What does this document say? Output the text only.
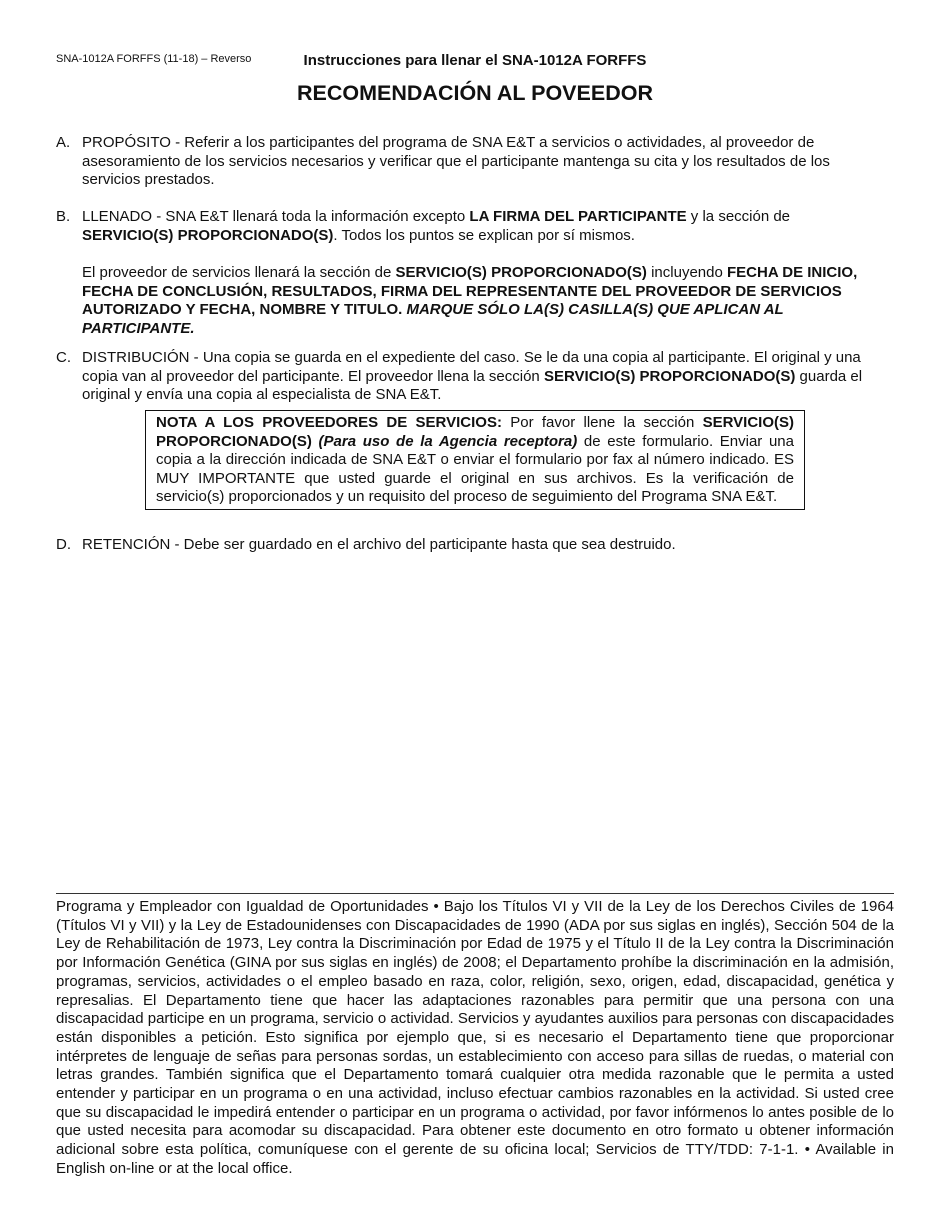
SNA-1012A FORFFS (11-18) – Reverso	Instrucciones para llenar el SNA-1012A FORFFS
RECOMENDACIÓN AL POVEEDOR
A. PROPÓSITO - Referir a los participantes del programa de SNA E&T a servicios o actividades, al proveedor de asesoramiento de los servicios necesarios y verificar que el participante mantenga su cita y los resultados de los servicios prestados.
B. LLENADO - SNA E&T llenará toda la información excepto LA FIRMA DEL PARTICIPANTE y la sección de SERVICIO(S) PROPORCIONADO(S). Todos los puntos se explican por sí mismos.
El proveedor de servicios llenará la sección de SERVICIO(S) PROPORCIONADO(S) incluyendo FECHA DE INICIO, FECHA DE CONCLUSIÓN, RESULTADOS, FIRMA DEL REPRESENTANTE DEL PROVEEDOR DE SERVICIOS AUTORIZADO Y FECHA, NOMBRE Y TITULO. MARQUE SÓLO LA(S) CASILLA(S) QUE APLICAN AL PARTICIPANTE.
C. DISTRIBUCIÓN - Una copia se guarda en el expediente del caso. Se le da una copia al participante. El original y una copia van al proveedor del participante. El proveedor llena la sección SERVICIO(S) PROPORCIONADO(S) guarda el original y envía una copia al especialista de SNA E&T.
NOTA A LOS PROVEEDORES DE SERVICIOS: Por favor llene la sección SERVICIO(S) PROPORCIONADO(S) (Para uso de la Agencia receptora) de este formulario. Enviar una copia a la dirección indicada de SNA E&T o enviar el formulario por fax al número indicado. ES MUY IMPORTANTE que usted guarde el original en sus archivos. Es la verificación de servicio(s) proporcionados y un requisito del proceso de seguimiento del Programa SNA E&T.
D. RETENCIÓN - Debe ser guardado en el archivo del participante hasta que sea destruido.
Programa y Empleador con Igualdad de Oportunidades • Bajo los Títulos VI y VII de la Ley de los Derechos Civiles de 1964 (Títulos VI y VII) y la Ley de Estadounidenses con Discapacidades de 1990 (ADA por sus siglas en inglés), Sección 504 de la Ley de Rehabilitación de 1973, Ley contra la Discriminación por Edad de 1975 y el Título II de la Ley contra la Discriminación por Información Genética (GINA por sus siglas en inglés) de 2008; el Departamento prohíbe la discriminación en la admisión, programas, servicios, actividades o el empleo basado en raza, color, religión, sexo, origen, edad, discapacidad, genética y represalias. El Departamento tiene que hacer las adaptaciones razonables para permitir que una persona con una discapacidad participe en un programa, servicio o actividad. Servicios y ayudantes auxilios para personas con discapacidades están disponibles a petición. Esto significa por ejemplo que, si es necesario el Departamento tiene que proporcionar intérpretes de lenguaje de señas para personas sordas, un establecimiento con acceso para sillas de ruedas, o material con letras grandes. También significa que el Departamento tomará cualquier otra medida razonable que le permita a usted entender y participar en un programa o en una actividad, incluso efectuar cambios razonables en la actividad. Si usted cree que su discapacidad le impedirá entender o participar en un programa o actividad, por favor infórmenos lo antes posible de lo que usted necesita para acomodar su discapacidad. Para obtener este documento en otro formato u obtener información adicional sobre esta política, comuníquese con el gerente de su oficina local; Servicios de TTY/TDD: 7-1-1. • Available in English on-line or at the local office.
